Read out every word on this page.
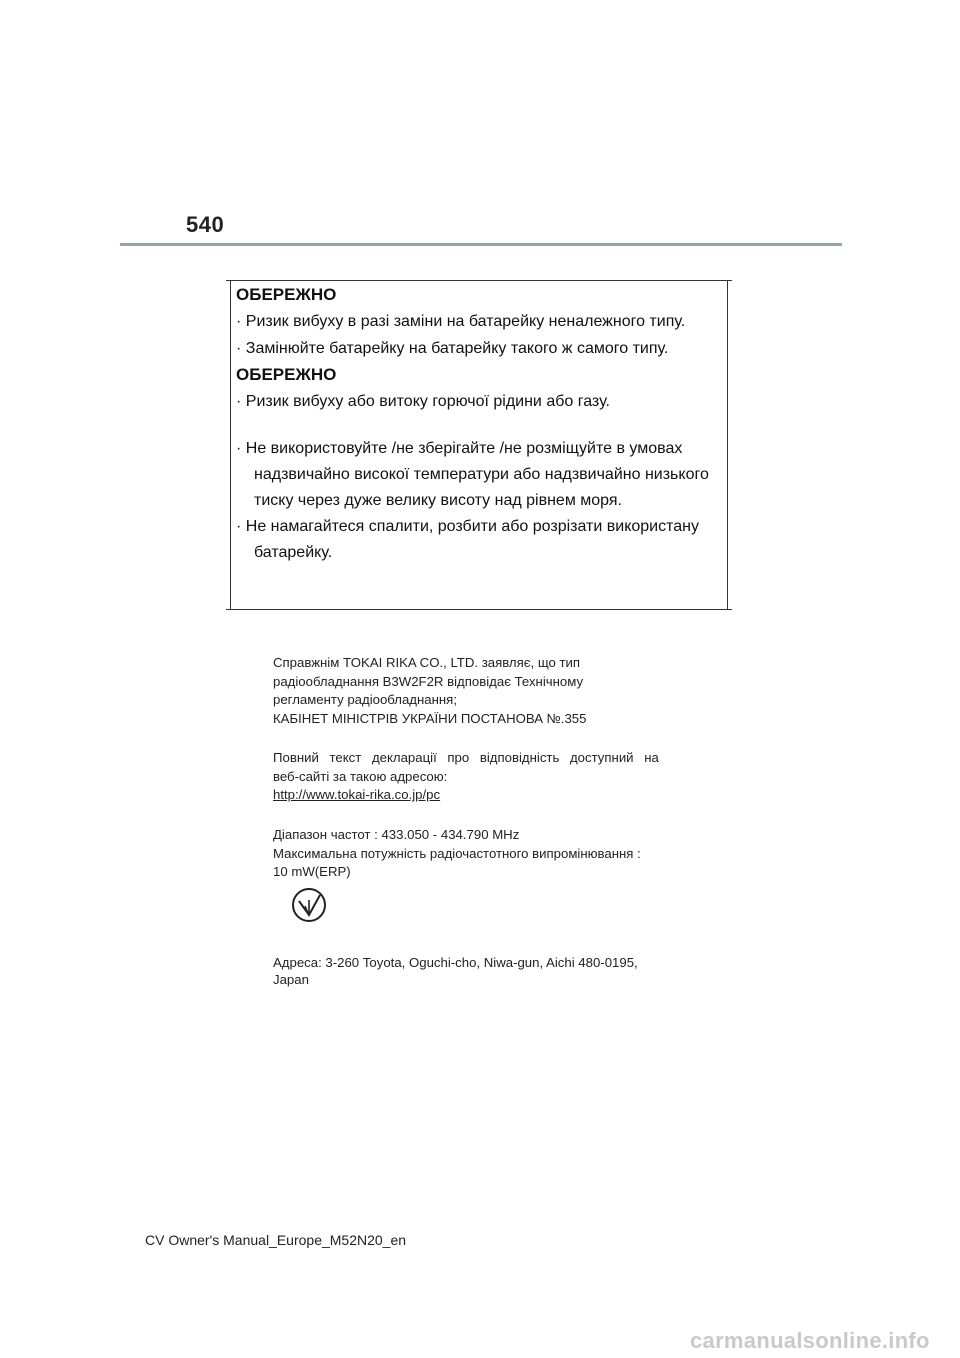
540

ОБЕРЕЖНО

· Ризик вибуху в разі заміни на батарейку неналежного типу.

· Замінюйте батарейку на батарейку такого ж самого типу.

ОБЕРЕЖНО

· Ризик вибуху або витоку горючої рідини або газу.

· Не використовуйте /не зберігайте /не розміщуйте в умовах

надзвичайно високої температури або надзвичайно низького

тиску через дуже велику висоту над рівнем моря.

· Не намагайтеся спалити, розбити або розрізати використану

батарейку.

Справжнім TOKAI RIKA CO., LTD. заявляє, що тип

радіообладнання B3W2F2R відповідає Технічному

регламенту радіообладнання;

КАБІНЕТ МІНІСТРІВ УКРАЇНИ ПОСТАНОВА №.355

Повний текст декларації про відповідність доступний на

веб-сайті за такою адресою:

http://www.tokai-rika.co.jp/pc

Діапазон частот : 433.050 - 434.790 MHz

Максимальна потужність радіочастотного випромінювання :

10 mW(ERP)

Адреса: 3-260 Toyota, Oguchi-cho, Niwa-gun, Aichi 480-0195,

Japan

CV Owner's Manual_Europe_M52N20_en
carmanualsonline.info
